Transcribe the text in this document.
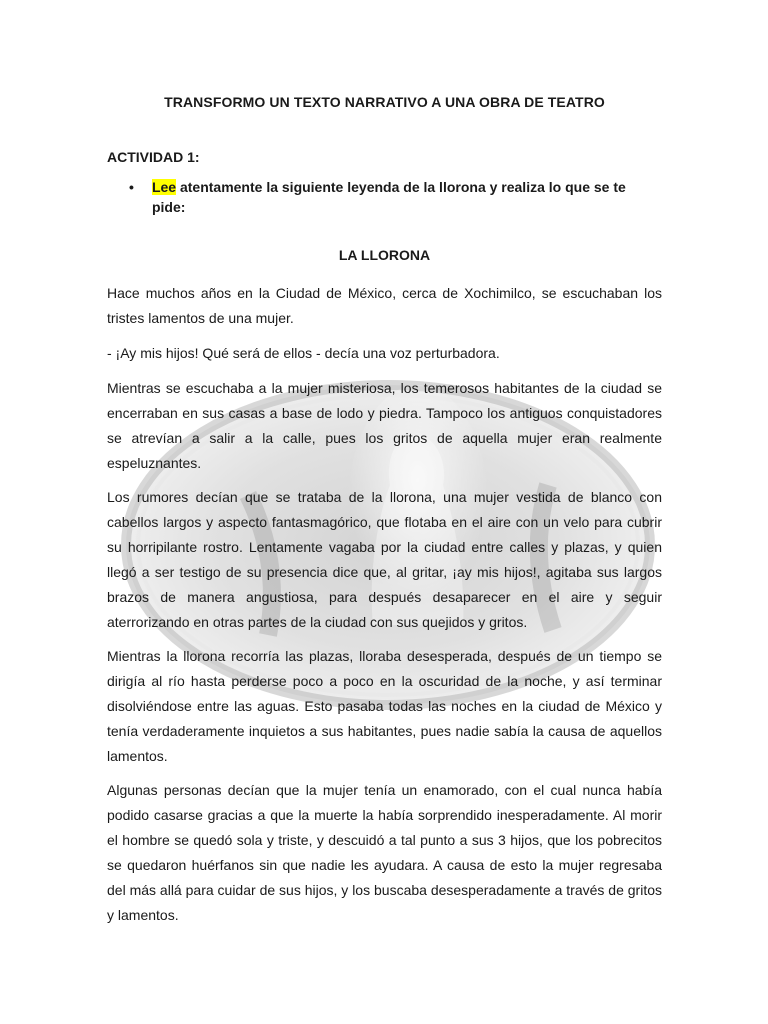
TRANSFORMO UN TEXTO NARRATIVO A UNA OBRA DE TEATRO
ACTIVIDAD 1:
•	Lee atentamente la siguiente leyenda de la llorona y realiza lo que se te pide:
LA LLORONA

Hace muchos años en la Ciudad de México, cerca de Xochimilco, se escuchaban los tristes lamentos de una mujer.

- ¡Ay mis hijos! Qué será de ellos - decía una voz perturbadora.

Mientras se escuchaba a la mujer misteriosa, los temerosos habitantes de la ciudad se encerraban en sus casas a base de lodo y piedra. Tampoco los antiguos conquistadores se atrevían a salir a la calle, pues los gritos de aquella mujer eran realmente espeluznantes.

Los rumores decían que se trataba de la llorona, una mujer vestida de blanco con cabellos largos y aspecto fantasmagórico, que flotaba en el aire con un velo para cubrir su horripilante rostro. Lentamente vagaba por la ciudad entre calles y plazas, y quien llegó a ser testigo de su presencia dice que, al gritar, ¡ay mis hijos!, agitaba sus largos brazos de manera angustiosa, para después desaparecer en el aire y seguir aterrorizando en otras partes de la ciudad con sus quejidos y gritos.

Mientras la llorona recorría las plazas, lloraba desesperada, después de un tiempo se dirigía al río hasta perderse poco a poco en la oscuridad de la noche, y así terminar disolviéndose entre las aguas. Esto pasaba todas las noches en la ciudad de México y tenía verdaderamente inquietos a sus habitantes, pues nadie sabía la causa de aquellos lamentos.

Algunas personas decían que la mujer tenía un enamorado, con el cual nunca había podido casarse gracias a que la muerte la había sorprendido inesperadamente. Al morir el hombre se quedó sola y triste, y descuidó a tal punto a sus 3 hijos, que los pobrecitos se quedaron huérfanos sin que nadie les ayudara. A causa de esto la mujer regresaba del más allá para cuidar de sus hijos, y los buscaba desesperadamente a través de gritos y lamentos.
